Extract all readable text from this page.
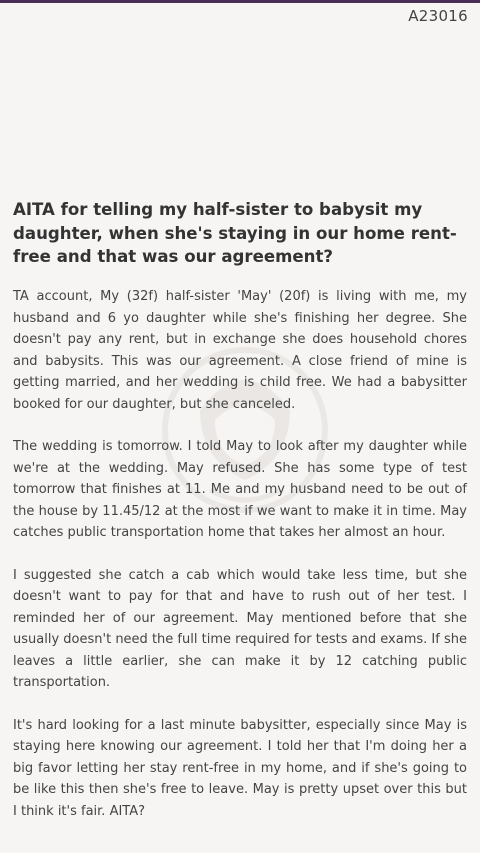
A23016
AITA for telling my half-sister to babysit my daughter, when she's staying in our home rent-free and that was our agreement?

TA account, My (32f) half-sister 'May' (20f) is living with me, my husband and 6 yo daughter while she's finishing her degree. She doesn't pay any rent, but in exchange she does household chores and babysits. This was our agreement. A close friend of mine is getting married, and her wedding is child free. We had a babysitter booked for our daughter, but she canceled.

The wedding is tomorrow. I told May to look after my daughter while we're at the wedding. May refused. She has some type of test tomorrow that finishes at 11. Me and my husband need to be out of the house by 11.45/12 at the most if we want to make it in time. May catches public transportation home that takes her almost an hour.

I suggested she catch a cab which would take less time, but she doesn't want to pay for that and have to rush out of her test. I reminded her of our agreement. May mentioned before that she usually doesn't need the full time required for tests and exams. If she leaves a little earlier, she can make it by 12 catching public transportation.

It's hard looking for a last minute babysitter, especially since May is staying here knowing our agreement. I told her that I'm doing her a big favor letting her stay rent-free in my home, and if she's going to be like this then she's free to leave. May is pretty upset over this but I think it's fair. AITA?
